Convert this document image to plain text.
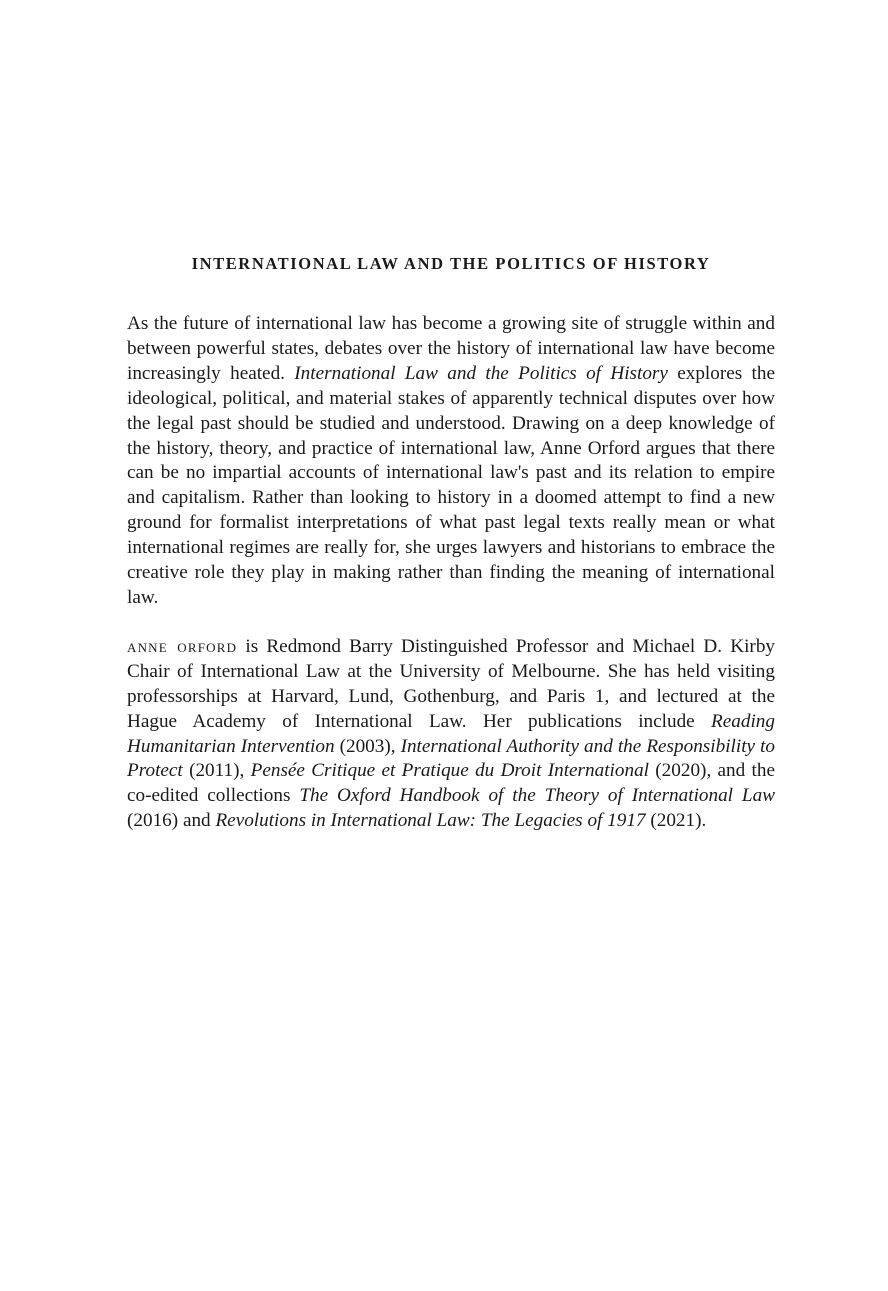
INTERNATIONAL LAW AND THE POLITICS OF HISTORY

As the future of international law has become a growing site of struggle within and between powerful states, debates over the history of international law have become increasingly heated. International Law and the Politics of History explores the ideological, political, and material stakes of apparently technical disputes over how the legal past should be studied and understood. Drawing on a deep knowledge of the history, theory, and practice of international law, Anne Orford argues that there can be no impartial accounts of international law's past and its relation to empire and capitalism. Rather than looking to history in a doomed attempt to find a new ground for formalist interpretations of what past legal texts really mean or what international regimes are really for, she urges lawyers and historians to embrace the creative role they play in making rather than finding the meaning of international law.

anne orford is Redmond Barry Distinguished Professor and Michael D. Kirby Chair of International Law at the University of Melbourne. She has held visiting professorships at Harvard, Lund, Gothenburg, and Paris 1, and lectured at the Hague Academy of International Law. Her publications include Reading Humanitarian Intervention (2003), International Authority and the Responsibility to Protect (2011), Pensée Critique et Pratique du Droit International (2020), and the co-edited collections The Oxford Handbook of the Theory of International Law (2016) and Revolutions in International Law: The Legacies of 1917 (2021).
